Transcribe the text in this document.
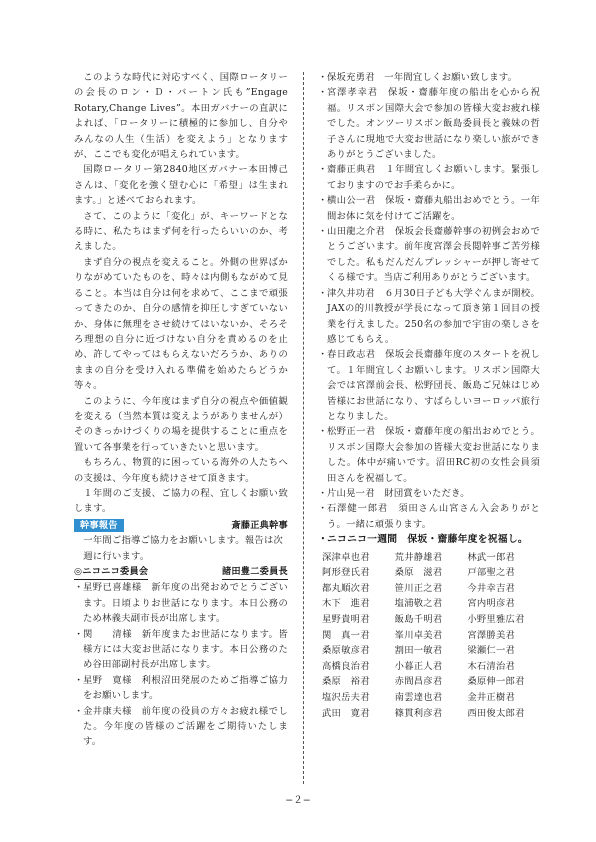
このような時代に対応すべく、国際ロータリーの会長のロン・Ｄ・バートン氏も”Engage Rotary,Change Lives”。本田ガバナーの直訳によれば、「ロータリーに積極的に参加し、自分やみんなの人生（生活）を変えよう」となりますが、ここでも変化が唱えられています。

国際ロータリー第2840地区ガバナー本田博己さんは、「変化を強く望む心に「希望」は生まれます。」と述べておられます。

さて、このように「変化」が、キーワードとなる時に、私たちはまず何を行ったらいいのか、考えました。

まず自分の視点を変えること。外側の世界ばかりながめていたものを、時々は内側もながめて見ること。本当は自分は何を求めて、ここまで頑張ってきたのか、自分の感情を抑圧しすぎていないか、身体に無理をさせ続けてはいないか、そろそろ理想の自分に近づけない自分を責めるのを止め、許してやってはもらえないだろうか、ありのままの自分を受け入れる準備を始めたらどうか等々。

このように、今年度はまず自分の視点や価値観を変える（当然本質は変えようがありませんが）そのきっかけづくりの場を提供することに重点を置いて各事業を行っていきたいと思います。

もちろん、物質的に困っている海外の人たちへの支援は、今年度も続けさせて頂きます。

１年間のご支援、ご協力の程、宜しくお願い致します。

幹事報告	斎藤正典幹事

一年間ご指導ご協力をお願いします。報告は次週に行います。

◎ニコニコ委員会	諸田豊二委員長

・ 星野已喜雄様　新年度の出発おめでとうございます。日頃よりお世話になります。本日公務のため林義夫副市長が出席します。

・ 関　　清様　新年度またお世話になります。皆様方には大変お世話になります。本日公務のため谷田部副村長が出席します。

・ 星野　寛様　利根沼田発展のためご指導ご協力をお願いします。

・ 金井康夫様　前年度の役員の方々お疲れ様でした。今年度の皆様のご活躍をご期待いたします。

・ 保坂充勇君　一年間宜しくお願い致します。

・ 宮澤孝幸君　保坂・齋藤年度の船出を心から祝福。リスボン国際大会で参加の皆様大変お疲れ様でした。オンツーリスボン飯島委員長と義妹の哲子さんに現地で大変お世話になり楽しい旅ができありがとうございました。

・ 齋藤正典君　１年間宜しくお願いします。緊張しておりますのでお手柔らかに。

・ 横山公一君　保坂・齋藤丸船出おめでとう。一年間お体に気を付けてご活躍を。

・ 山田龍之介君　保坂会長齋藤幹事の初例会おめでとうございます。前年度宮澤会長閲幹事ご苦労様でした。私もだんだんプレッシャーが押し寄せてくる様です。当店ご利用ありがとうございます。

・ 津久井功君　６月30日子ども大学ぐんまが開校。JAXの的川教授が学長になって頂き第１回目の授業を行えました。250名の参加で宇宙の楽しさを感じてもらえ。

・ 春日政志君　保坂会長齋藤年度のスタートを祝して。１年間宜しくお願いします。リスボン国際大会では宮澤前会長、松野団長、飯島ご兄妹はじめ皆様にお世話になり、すばらしいヨーロッパ旅行となりました。

・ 松野正一君　保坂・齋藤年度の船出おめでとう。リスボン国際大会参加の皆様大変お世話になりました。体中が痛いです。沼田RC初の女性会員須田さんを祝福して。

・ 片山晃一君　財団賞をいただき。

・ 石澤健一郎君　須田さん山宮さん入会ありがとう。一緒に頑張ります。

・
ニコニコ一週間　保坂・齋藤年度を祝福し。

深津卓也君	荒井静雄君	林武一郎君
阿形登氏君	桑原　滋君	戸部聖之君
都丸順次君	笹川正之君	今井幸吉君
木下　進君	塩浦敬之君	宮内明彦君
星野貴明君	飯島千明君	小野里雅広君
関　真一君	峯川卓美君	宮澤勝美君
桑原敏彦君	割田一敏君	梁瀬仁一君
高橋良治君	小暮正人君	木石清治君
桑原　裕君	赤間昌彦君	桑原伸一郎君
塩沢岳夫君	南雲達也君	金井正樹君
武田　寛君	篠貫利彦君	西田俊太郎君
−２−
